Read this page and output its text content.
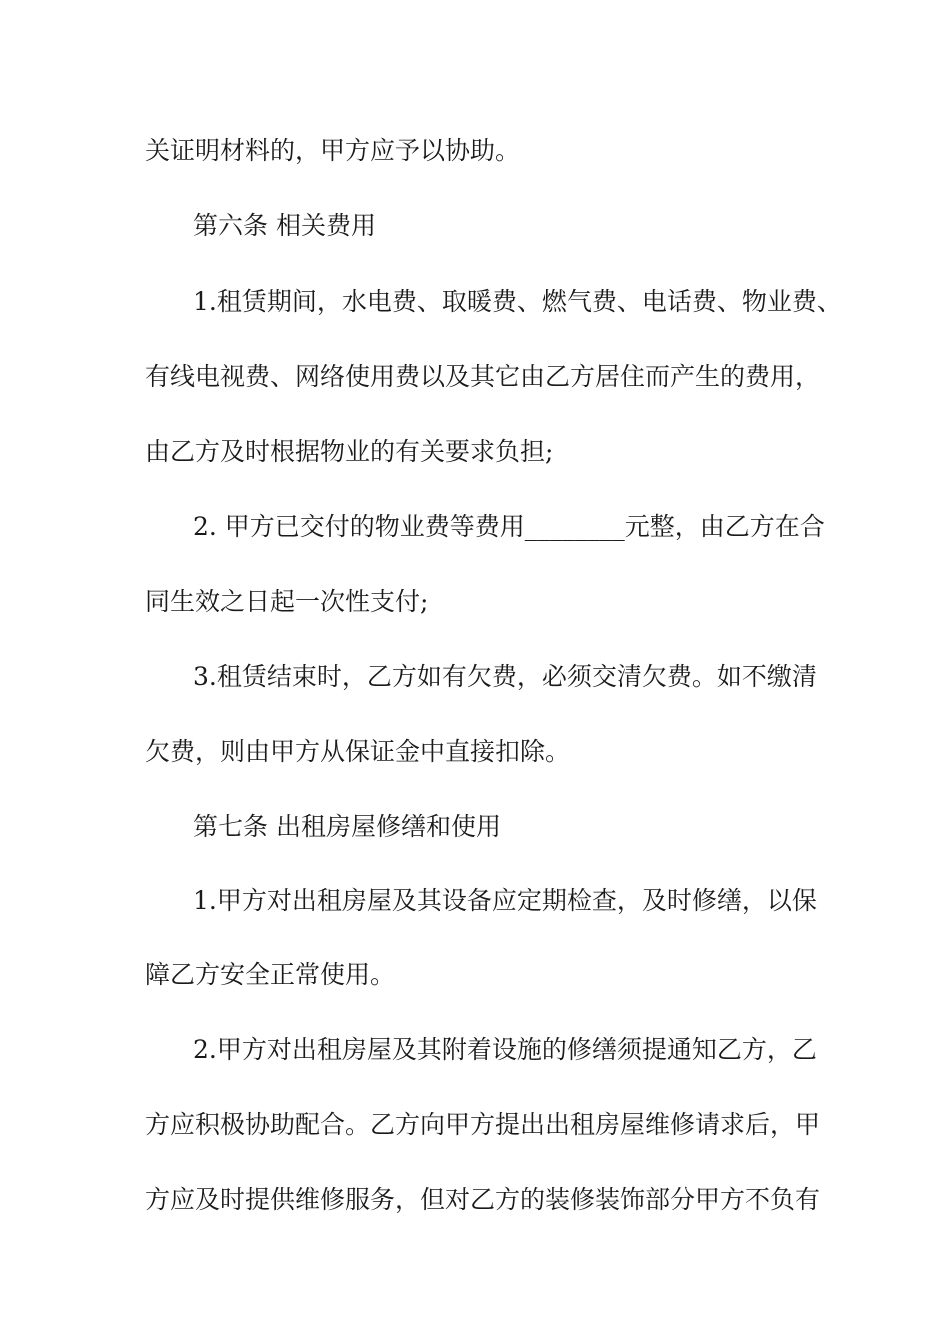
关证明材料的，甲方应予以协助。

第六条 相关费用

1.租赁期间，水电费、取暖费、燃气费、电话费、物业费、

有线电视费、网络使用费以及其它由乙方居住而产生的费用，

由乙方及时根据物业的有关要求负担;

2. 甲方已交付的物业费等费用________元整，由乙方在合

同生效之日起一次性支付;

3.租赁结束时，乙方如有欠费，必须交清欠费。如不缴清

欠费，则由甲方从保证金中直接扣除。

第七条 出租房屋修缮和使用

1.甲方对出租房屋及其设备应定期检查，及时修缮，以保

障乙方安全正常使用。

2.甲方对出租房屋及其附着设施的修缮须提通知乙方，乙

方应积极协助配合。乙方向甲方提出出租房屋维修请求后，甲

方应及时提供维修服务，但对乙方的装修装饰部分甲方不负有
